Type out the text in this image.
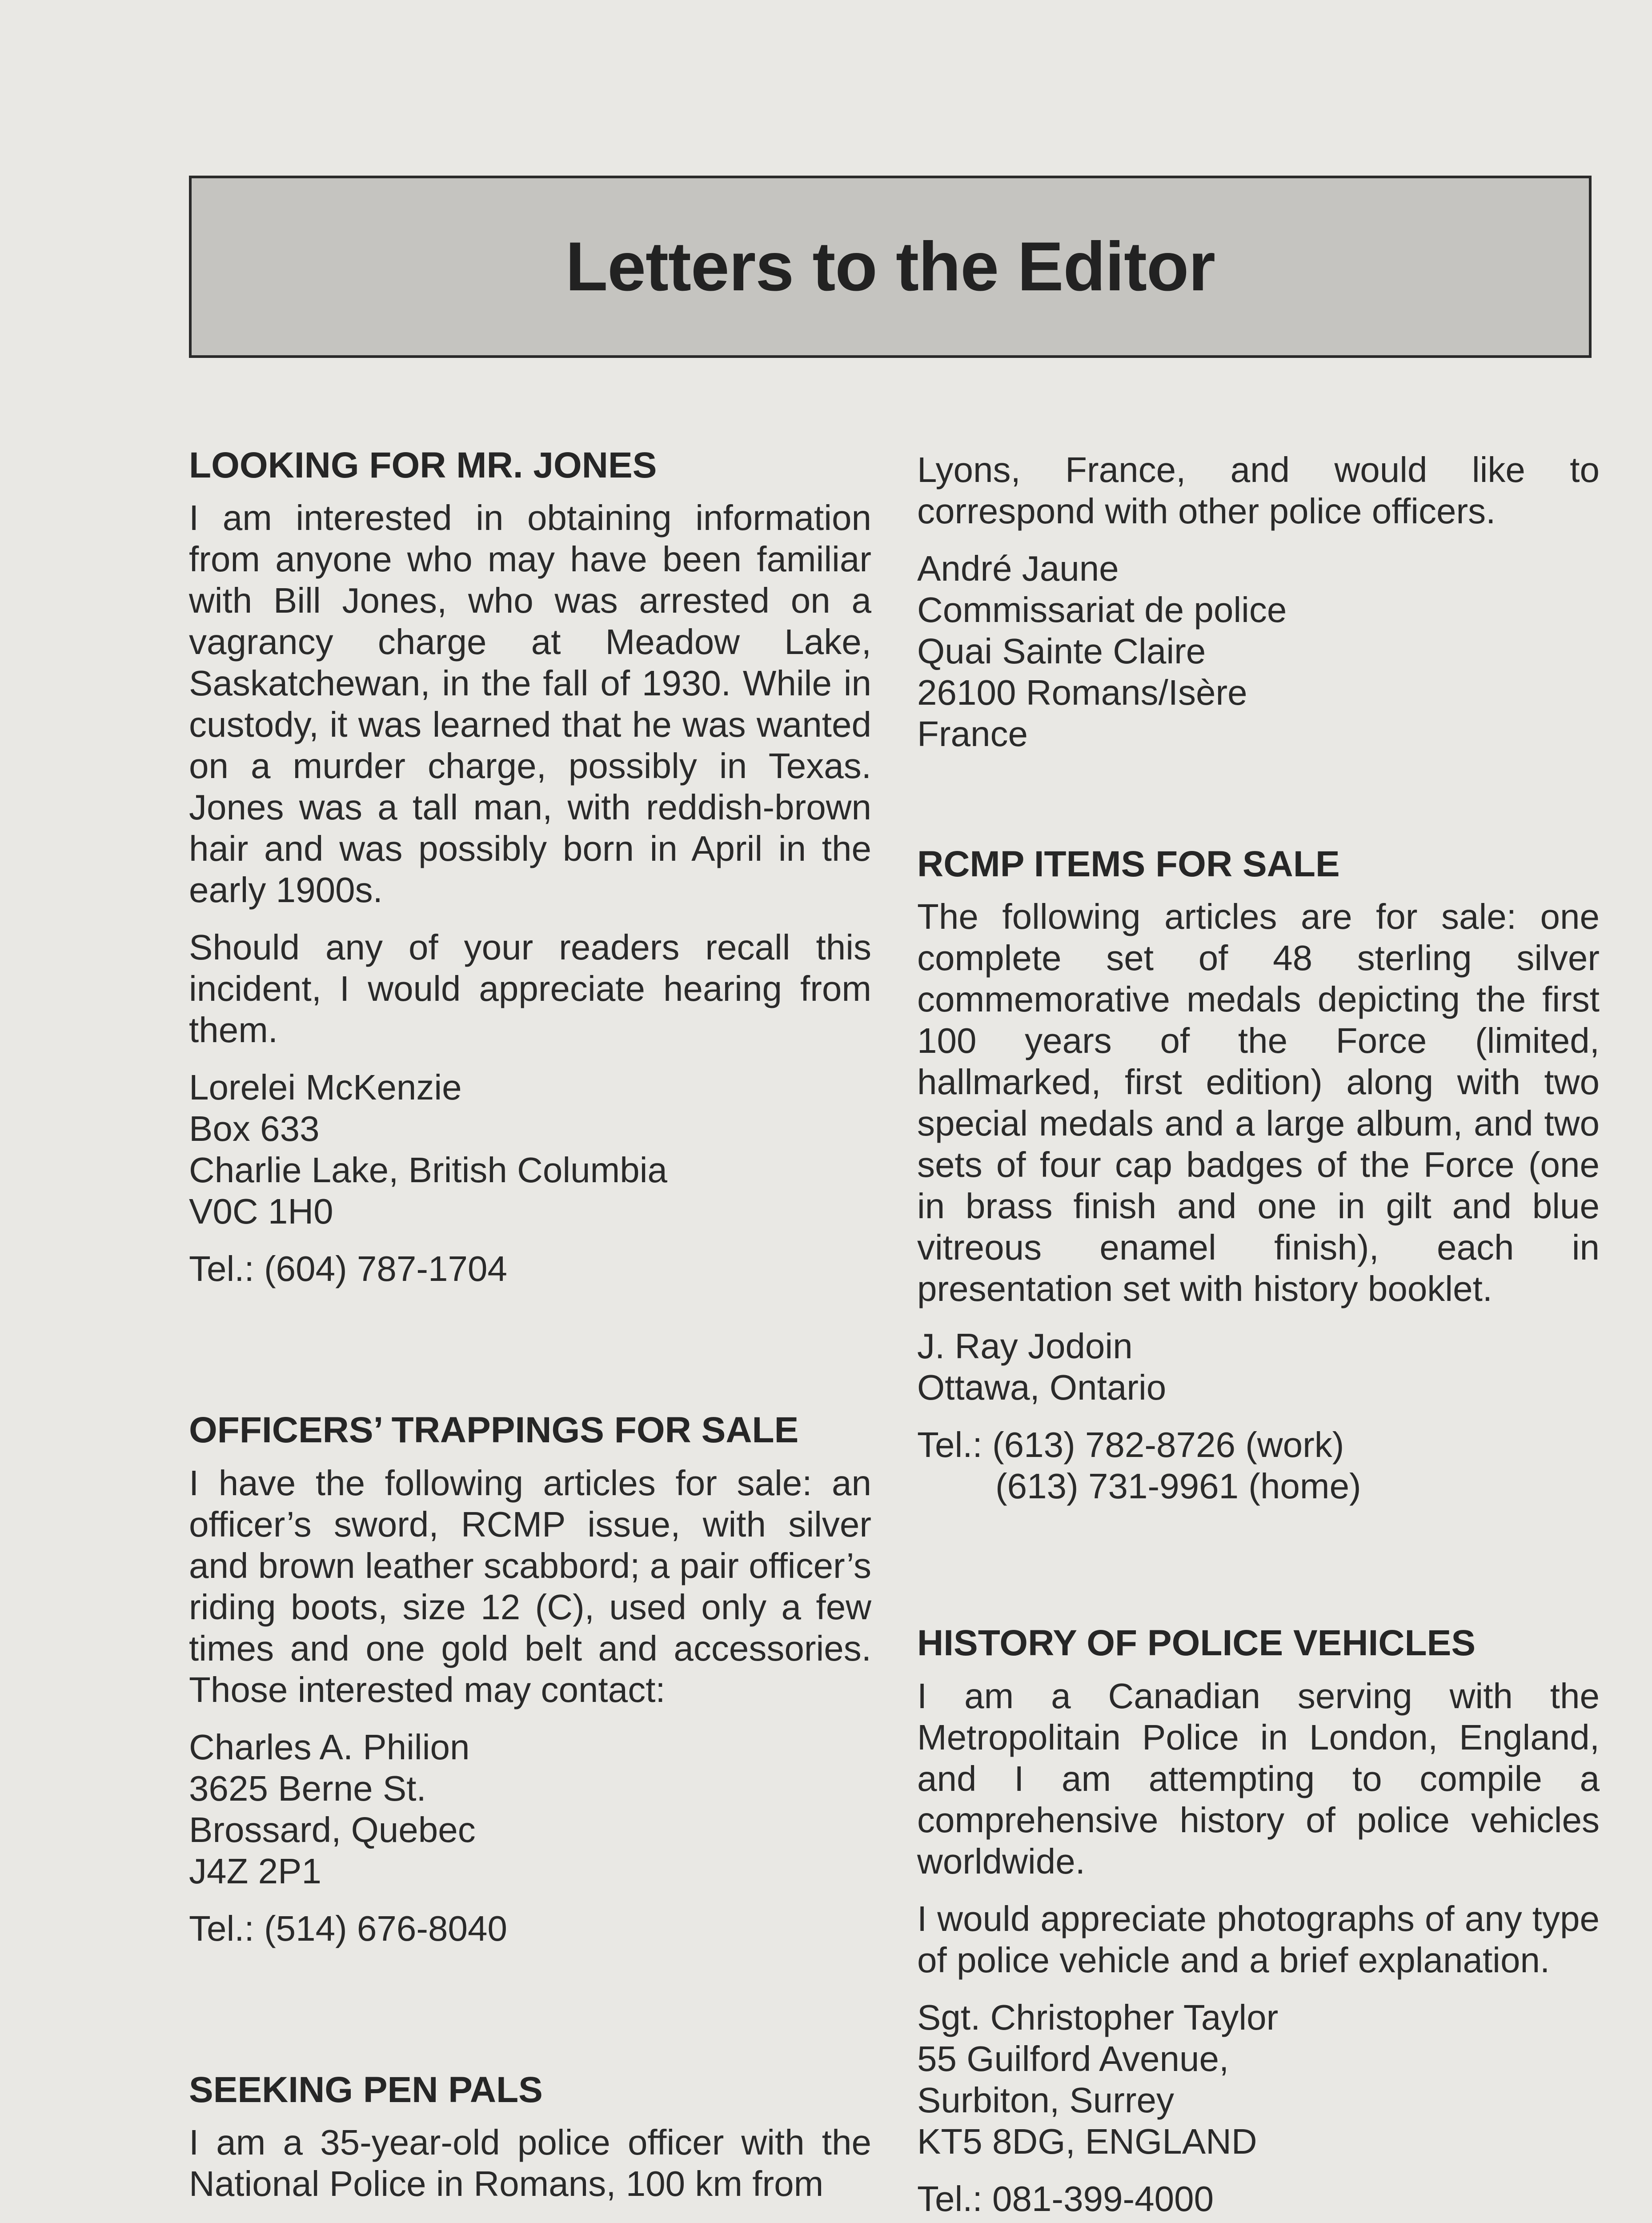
Letters to the Editor
LOOKING FOR MR. JONES

I am interested in obtaining information from anyone who may have been familiar with Bill Jones, who was arrested on a vagrancy charge at Meadow Lake, Saskatchewan, in the fall of 1930. While in custody, it was learned that he was wanted on a murder charge, possibly in Texas. Jones was a tall man, with reddish-brown hair and was possibly born in April in the early 1900s.

Should any of your readers recall this incident, I would appreciate hearing from them.

Lorelei McKenzie

Box 633

Charlie Lake, British Columbia

V0C 1H0

Tel.: (604) 787-1704

OFFICERS’ TRAPPINGS FOR SALE

I have the following articles for sale: an officer’s sword, RCMP issue, with silver and brown leather scabbord; a pair officer’s riding boots, size 12 (C), used only a few times and one gold belt and accessories. Those interested may contact:

Charles A. Philion

3625 Berne St.

Brossard, Quebec

J4Z 2P1

Tel.: (514) 676-8040

SEEKING PEN PALS

I am a 35-year-old police officer with the National Police in Romans, 100 km from

Lyons, France, and would like to correspond with other police officers.

André Jaune

Commissariat de police

Quai Sainte Claire

26100 Romans/Isère

France

RCMP ITEMS FOR SALE

The following articles are for sale: one complete set of 48 sterling silver commemorative medals depicting the first 100 years of the Force (limited, hallmarked, first edition) along with two special medals and a large album, and two sets of four cap badges of the Force (one in brass finish and one in gilt and blue vitreous enamel finish), each in presentation set with history booklet.

J. Ray Jodoin

Ottawa, Ontario

Tel.: (613) 782-8726 (work)

(613) 731-9961 (home)

HISTORY OF POLICE VEHICLES

I am a Canadian serving with the Metropolitain Police in London, England, and I am attempting to compile a comprehensive history of police vehicles worldwide.

I would appreciate photographs of any type of police vehicle and a brief explanation.

Sgt. Christopher Taylor

55 Guilford Avenue,

Surbiton, Surrey

KT5 8DG, ENGLAND

Tel.: 081-399-4000
